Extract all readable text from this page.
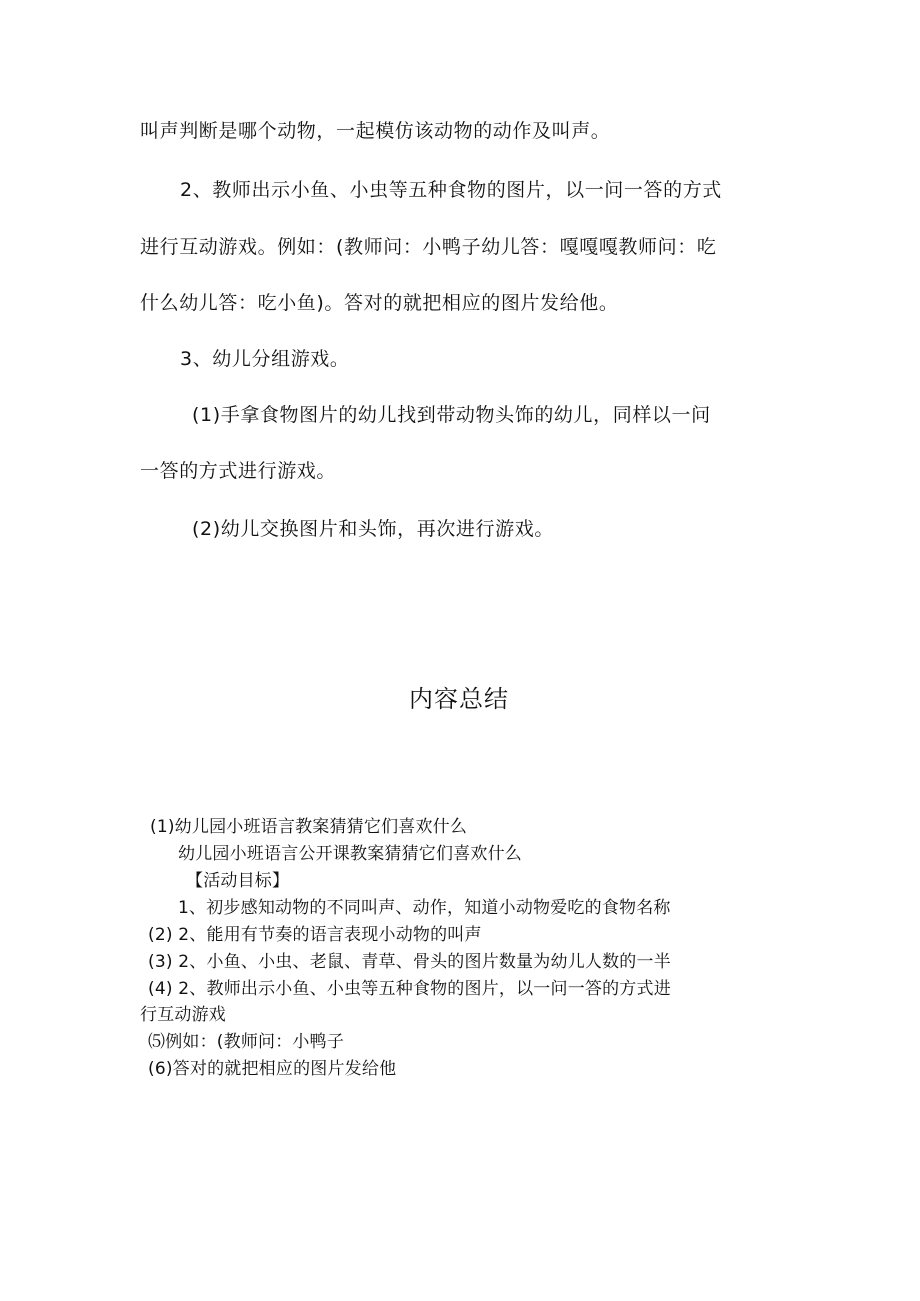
叫声判断是哪个动物，一起模仿该动物的动作及叫声。

2、教师出示小鱼、小虫等五种食物的图片，以一问一答的方式

进行互动游戏。例如：(教师问：小鸭子幼儿答：嘎嘎嘎教师问：吃

什么幼儿答：吃小鱼)。答对的就把相应的图片发给他。

3、幼儿分组游戏。

(1)手拿食物图片的幼儿找到带动物头饰的幼儿，同样以一问

一答的方式进行游戏。

(2)幼儿交换图片和头饰，再次进行游戏。

内容总结

(1)幼儿园小班语言教案猜猜它们喜欢什么

幼儿园小班语言公开课教案猜猜它们喜欢什么

【活动目标】

1、初步感知动物的不同叫声、动作，知道小动物爱吃的食物名称

(2) 2、能用有节奏的语言表现小动物的叫声

(3) 2、小鱼、小虫、老鼠、青草、骨头的图片数量为幼儿人数的一半

(4) 2、教师出示小鱼、小虫等五种食物的图片，以一问一答的方式进

行互动游戏

⑸例如：(教师问：小鸭子

(6)答对的就把相应的图片发给他
